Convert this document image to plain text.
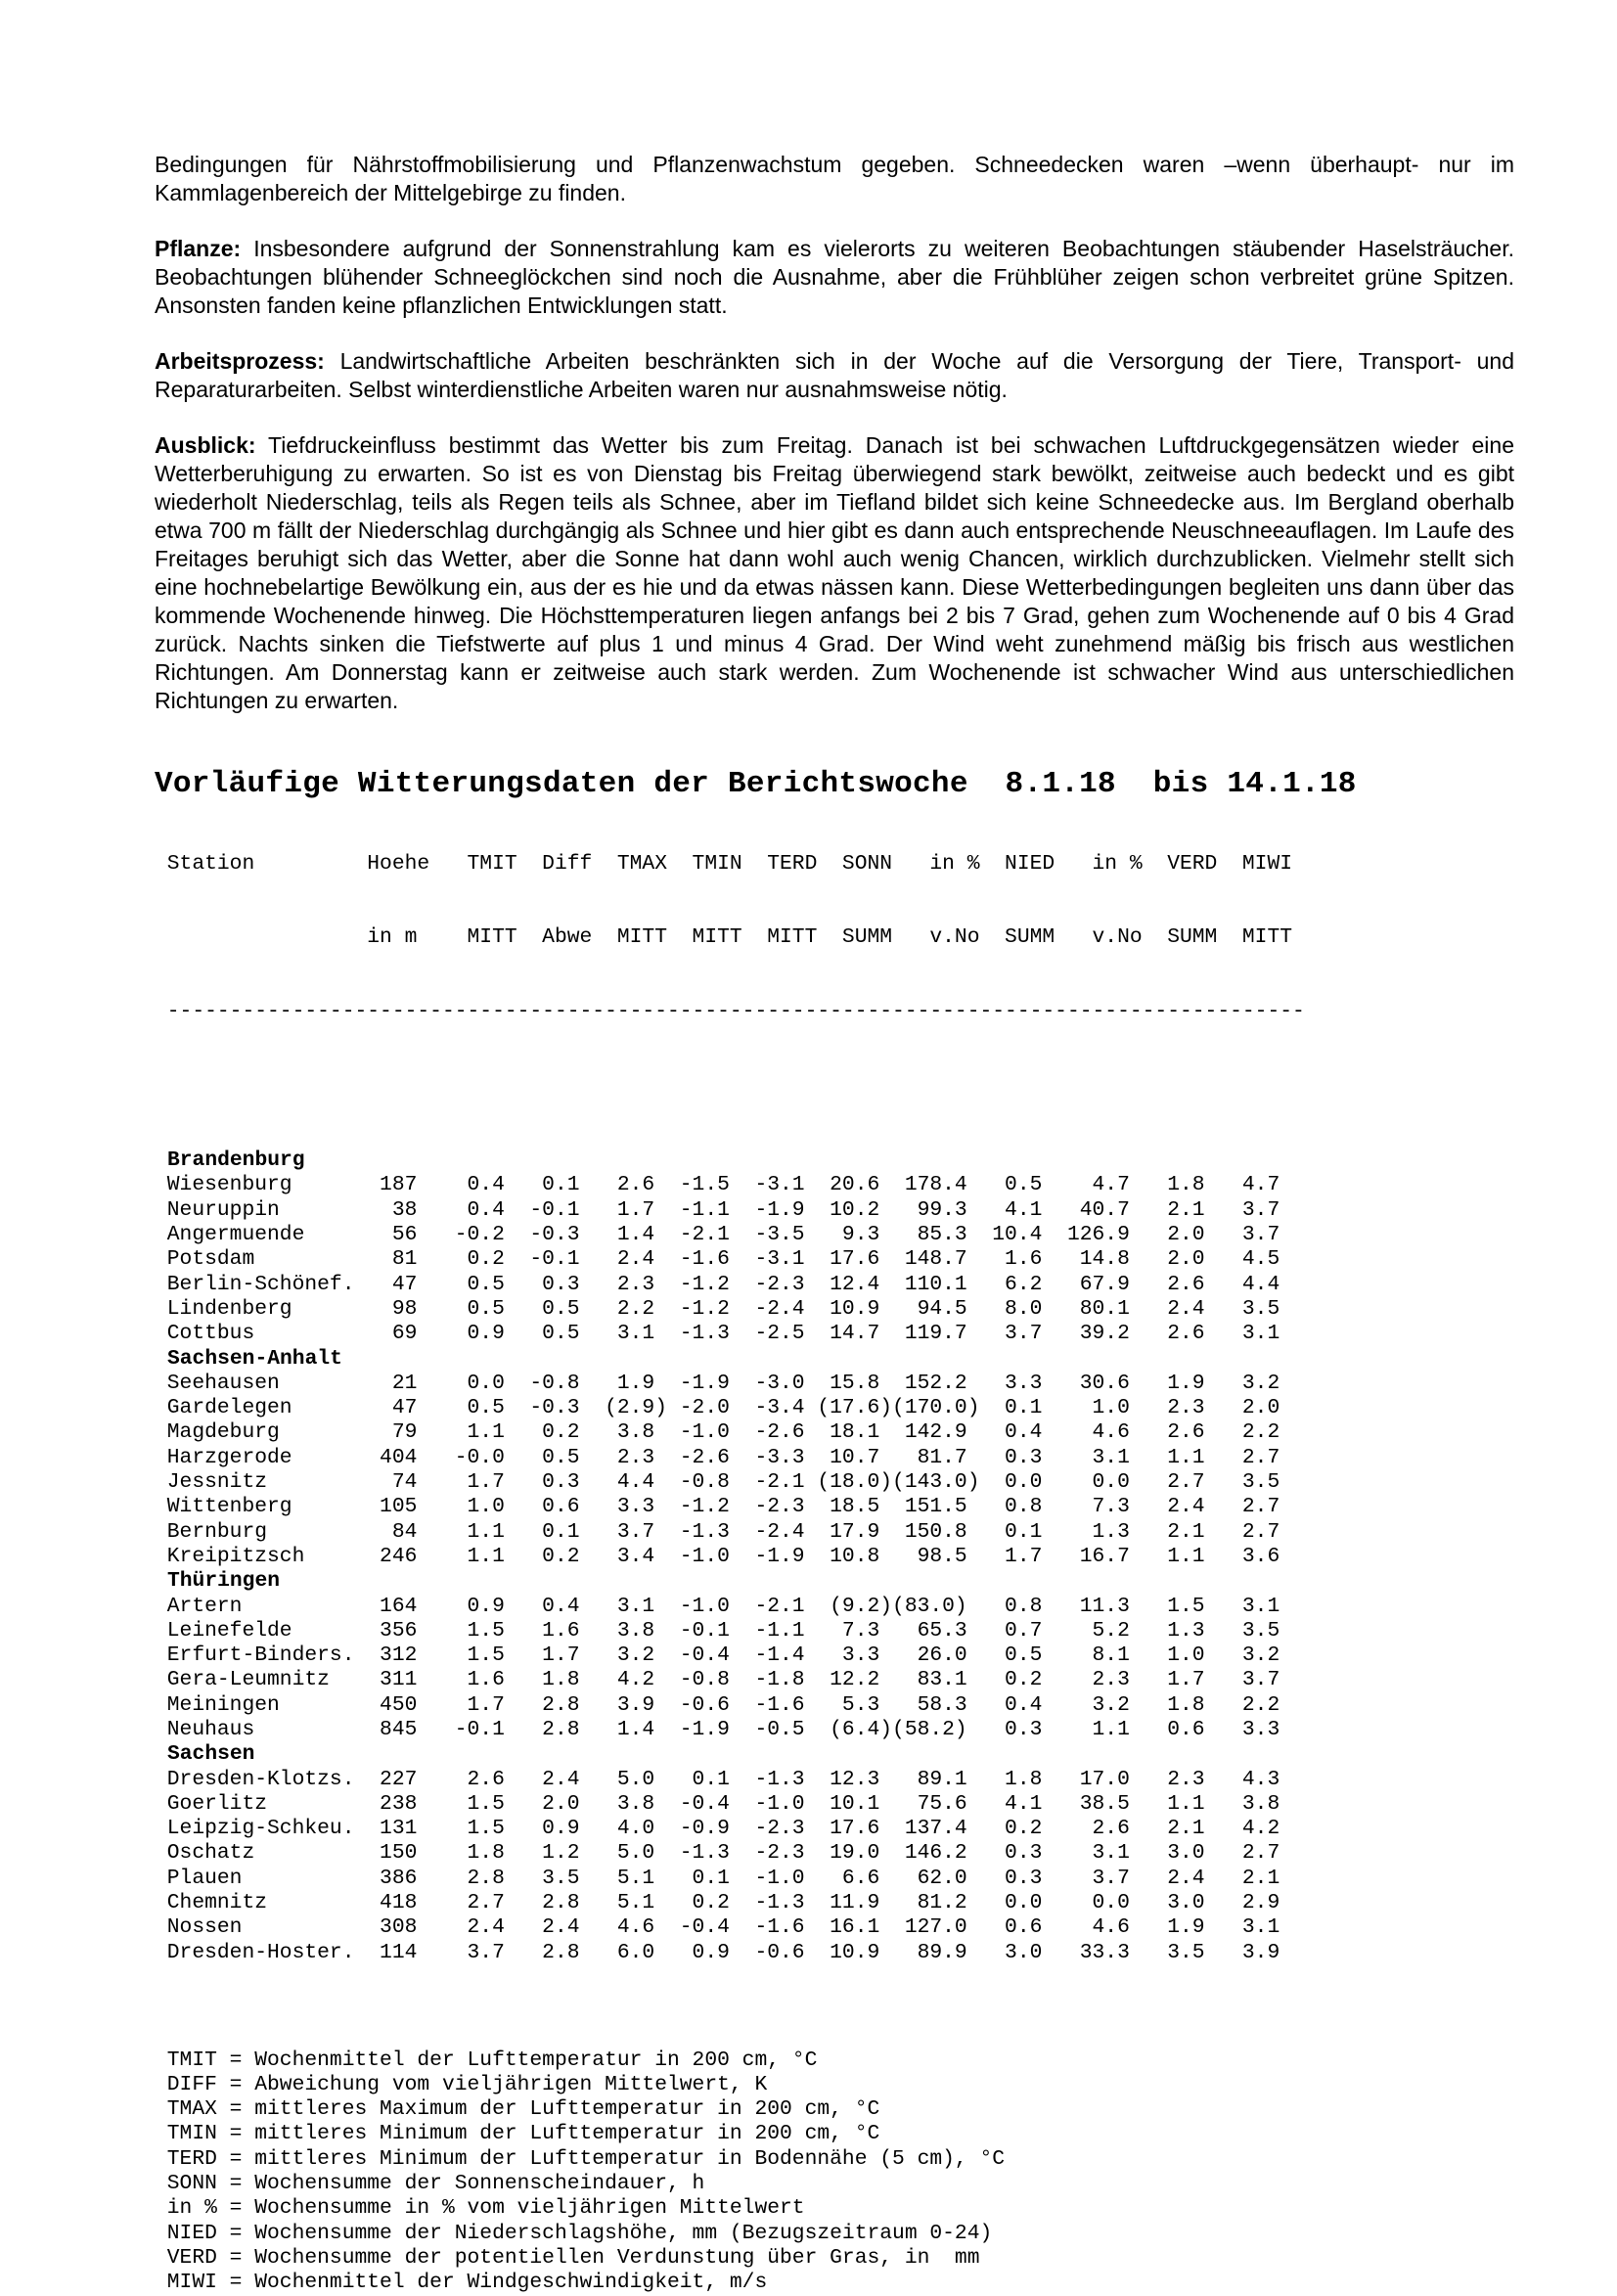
Bedingungen für Nährstoffmobilisierung und Pflanzenwachstum gegeben. Schneedecken waren –wenn überhaupt- nur im Kammlagenbereich der Mittelgebirge zu finden.

Pflanze: Insbesondere aufgrund der Sonnenstrahlung kam es vielerorts zu weiteren Beobachtungen stäubender Haselsträucher. Beobachtungen blühender Schneeglöckchen sind noch die Ausnahme, aber die Frühblüher zeigen schon verbreitet grüne Spitzen. Ansonsten fanden keine pflanzlichen Entwicklungen statt.

Arbeitsprozess: Landwirtschaftliche Arbeiten beschränkten sich in der Woche auf die Versorgung der Tiere, Transport- und Reparaturarbeiten. Selbst winterdienstliche Arbeiten waren nur ausnahmsweise nötig.

Ausblick: Tiefdruckeinfluss bestimmt das Wetter bis zum Freitag. Danach ist bei schwachen Luftdruckgegensätzen wieder eine Wetterberuhigung zu erwarten. So ist es von Dienstag bis Freitag überwiegend stark bewölkt, zeitweise auch bedeckt und es gibt wiederholt Niederschlag, teils als Regen teils als Schnee, aber im Tiefland bildet sich keine Schneedecke aus. Im Bergland oberhalb etwa 700 m fällt der Niederschlag durchgängig als Schnee und hier gibt es dann auch entsprechende Neuschneeauflagen. Im Laufe des Freitages beruhigt sich das Wetter, aber die Sonne hat dann wohl auch wenig Chancen, wirklich durchzublicken. Vielmehr stellt sich eine hochnebelartige Bewölkung ein, aus der es hie und da etwas nässen kann. Diese Wetterbedingungen begleiten uns dann über das kommende Wochenende hinweg. Die Höchsttemperaturen liegen anfangs bei 2 bis 7 Grad, gehen zum Wochenende auf 0 bis 4 Grad zurück. Nachts sinken die Tiefstwerte auf plus 1 und minus 4 Grad. Der Wind weht zunehmend mäßig bis frisch aus westlichen Richtungen. Am Donnerstag kann er zeitweise auch stark werden. Zum Wochenende ist schwacher Wind aus unterschiedlichen Richtungen zu erwarten.

Vorläufige Witterungsdaten der Berichtswoche  8.1.18  bis 14.1.18

Station         Hoehe   TMIT  Diff  TMAX  TMIN  TERD  SONN   in %  NIED   in %  VERD  MIWI

in m    MITT  Abwe  MITT  MITT  MITT  SUMM   v.No  SUMM   v.No  SUMM  MITT

-------------------------------------------------------------------------------------------

Brandenburg
Wiesenburg       187    0.4   0.1   2.6  -1.5  -3.1  20.6  178.4   0.5    4.7   1.8   4.7
Neuruppin         38    0.4  -0.1   1.7  -1.1  -1.9  10.2   99.3   4.1   40.7   2.1   3.7
Angermuende       56   -0.2  -0.3   1.4  -2.1  -3.5   9.3   85.3  10.4  126.9   2.0   3.7
Potsdam           81    0.2  -0.1   2.4  -1.6  -3.1  17.6  148.7   1.6   14.8   2.0   4.5
Berlin-Schönef.   47    0.5   0.3   2.3  -1.2  -2.3  12.4  110.1   6.2   67.9   2.6   4.4
Lindenberg        98    0.5   0.5   2.2  -1.2  -2.4  10.9   94.5   8.0   80.1   2.4   3.5
Cottbus           69    0.9   0.5   3.1  -1.3  -2.5  14.7  119.7   3.7   39.2   2.6   3.1
Sachsen-Anhalt
Seehausen         21    0.0  -0.8   1.9  -1.9  -3.0  15.8  152.2   3.3   30.6   1.9   3.2
Gardelegen        47    0.5  -0.3  (2.9) -2.0  -3.4 (17.6)(170.0)  0.1    1.0   2.3   2.0
Magdeburg         79    1.1   0.2   3.8  -1.0  -2.6  18.1  142.9   0.4    4.6   2.6   2.2
Harzgerode       404   -0.0   0.5   2.3  -2.6  -3.3  10.7   81.7   0.3    3.1   1.1   2.7
Jessnitz          74    1.7   0.3   4.4  -0.8  -2.1 (18.0)(143.0)  0.0    0.0   2.7   3.5
Wittenberg       105    1.0   0.6   3.3  -1.2  -2.3  18.5  151.5   0.8    7.3   2.4   2.7
Bernburg          84    1.1   0.1   3.7  -1.3  -2.4  17.9  150.8   0.1    1.3   2.1   2.7
Kreipitzsch      246    1.1   0.2   3.4  -1.0  -1.9  10.8   98.5   1.7   16.7   1.1   3.6
Thüringen
Artern           164    0.9   0.4   3.1  -1.0  -2.1  (9.2)(83.0)   0.8   11.3   1.5   3.1
Leinefelde       356    1.5   1.6   3.8  -0.1  -1.1   7.3   65.3   0.7    5.2   1.3   3.5
Erfurt-Binders.  312    1.5   1.7   3.2  -0.4  -1.4   3.3   26.0   0.5    8.1   1.0   3.2
Gera-Leumnitz    311    1.6   1.8   4.2  -0.8  -1.8  12.2   83.1   0.2    2.3   1.7   3.7
Meiningen        450    1.7   2.8   3.9  -0.6  -1.6   5.3   58.3   0.4    3.2   1.8   2.2
Neuhaus          845   -0.1   2.8   1.4  -1.9  -0.5  (6.4)(58.2)   0.3    1.1   0.6   3.3
Sachsen
Dresden-Klotzs.  227    2.6   2.4   5.0   0.1  -1.3  12.3   89.1   1.8   17.0   2.3   4.3
Goerlitz         238    1.5   2.0   3.8  -0.4  -1.0  10.1   75.6   4.1   38.5   1.1   3.8
Leipzig-Schkeu.  131    1.5   0.9   4.0  -0.9  -2.3  17.6  137.4   0.2    2.6   2.1   4.2
Oschatz          150    1.8   1.2   5.0  -1.3  -2.3  19.0  146.2   0.3    3.1   3.0   2.7
Plauen           386    2.8   3.5   5.1   0.1  -1.0   6.6   62.0   0.3    3.7   2.4   2.1
Chemnitz         418    2.7   2.8   5.1   0.2  -1.3  11.9   81.2   0.0    0.0   3.0   2.9
Nossen           308    2.4   2.4   4.6  -0.4  -1.6  16.1  127.0   0.6    4.6   1.9   3.1
Dresden-Hoster.  114    3.7   2.8   6.0   0.9  -0.6  10.9   89.9   3.0   33.3   3.5   3.9

TMIT = Wochenmittel der Lufttemperatur in 200 cm, °C
DIFF = Abweichung vom vieljährigen Mittelwert, K
TMAX = mittleres Maximum der Lufttemperatur in 200 cm, °C
TMIN = mittleres Minimum der Lufttemperatur in 200 cm, °C
TERD = mittleres Minimum der Lufttemperatur in Bodennähe (5 cm), °C
SONN = Wochensumme der Sonnenscheindauer, h
in % = Wochensumme in % vom vieljährigen Mittelwert
NIED = Wochensumme der Niederschlagshöhe, mm (Bezugszeitraum 0-24)
VERD = Wochensumme der potentiellen Verdunstung über Gras, in  mm
MIWI = Wochenmittel der Windgeschwindigkeit, m/s
